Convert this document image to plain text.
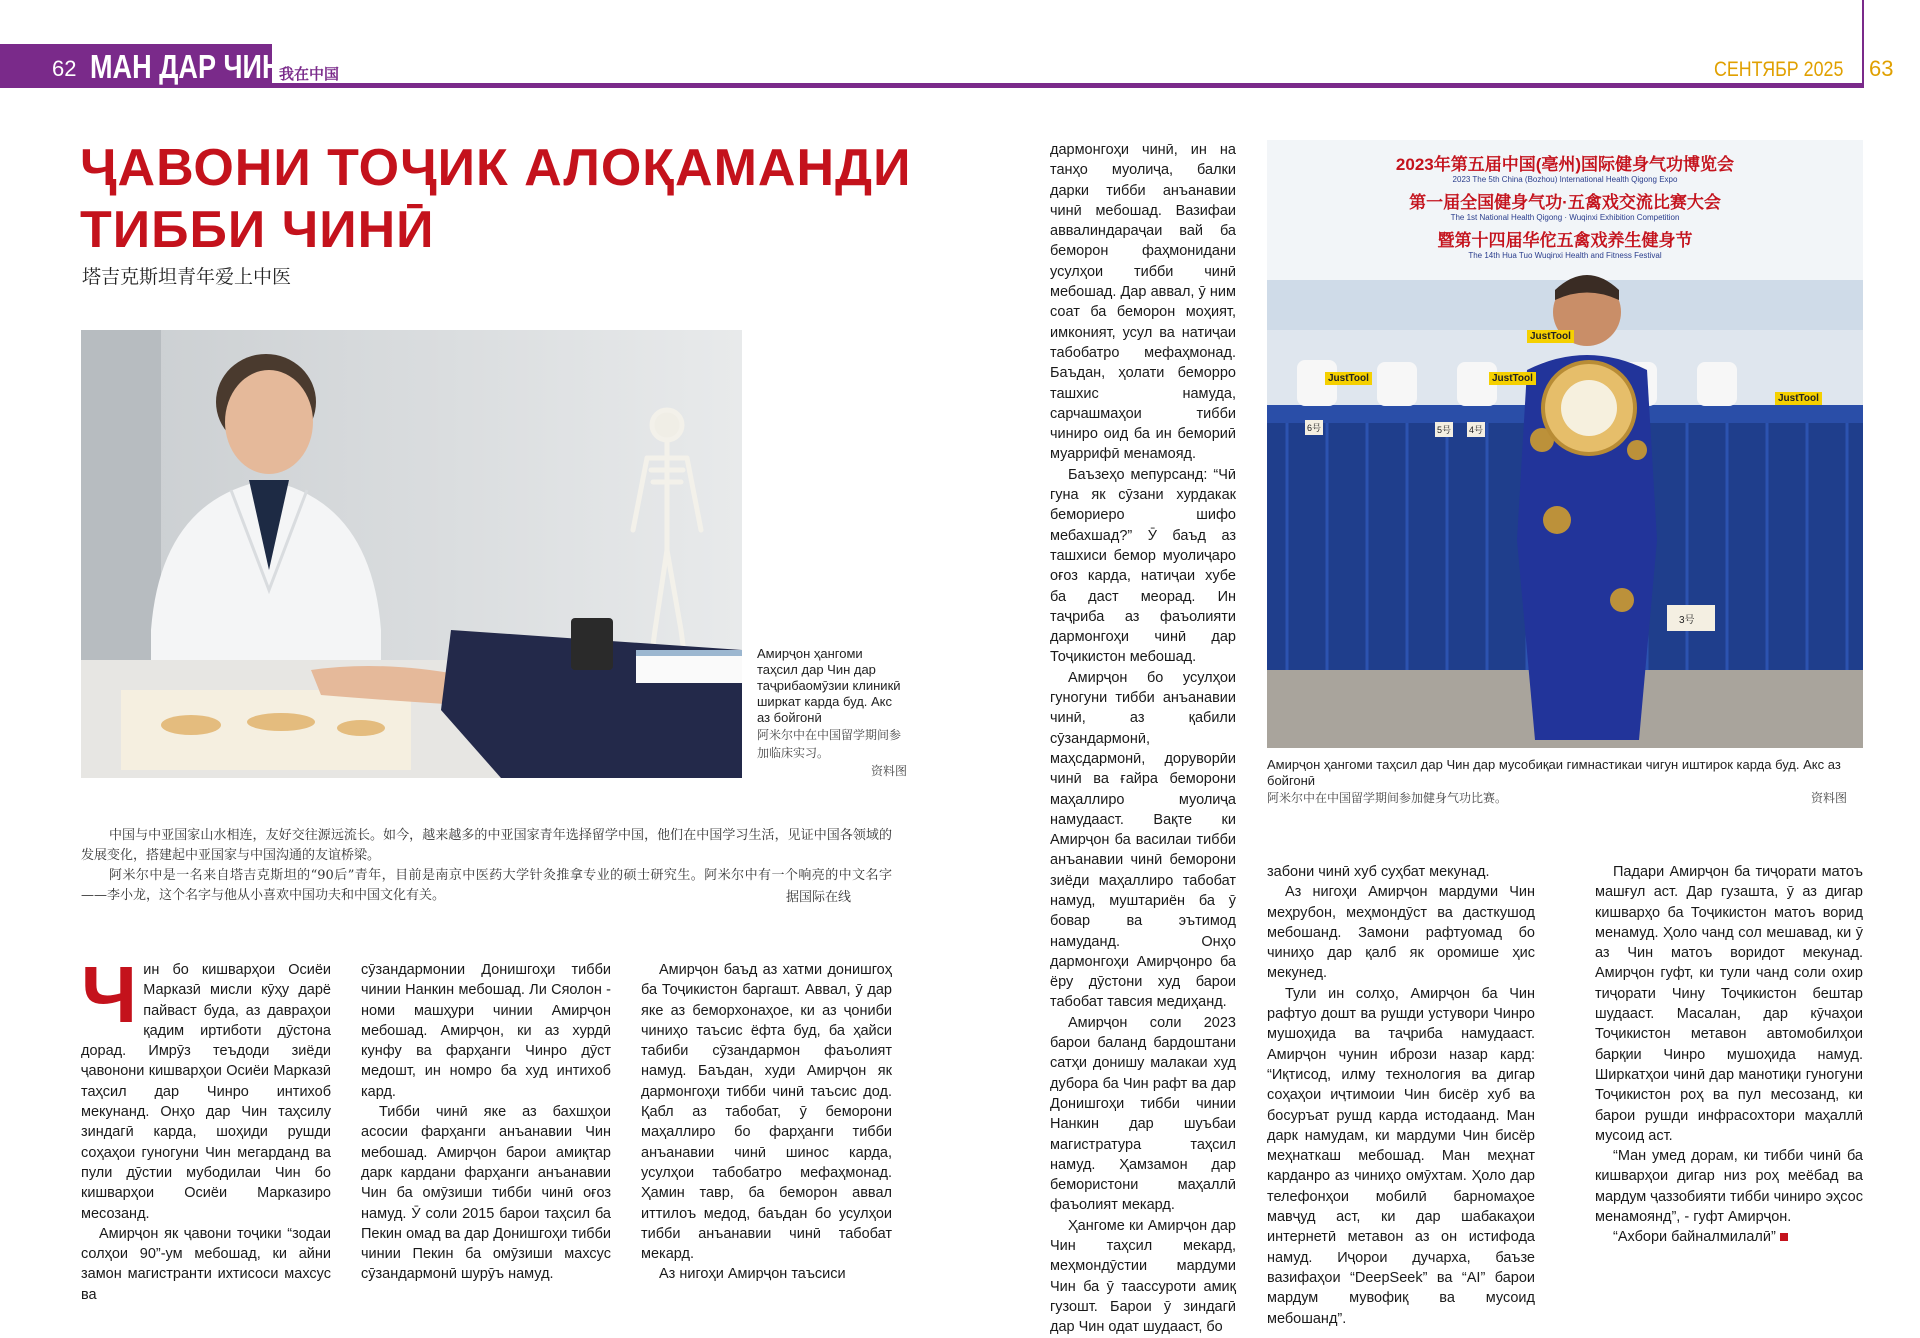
62 МАН ДАР ЧИН
我在中国	СЕНТЯБР 2025 63
ҶАВОНИ ТОҶИК АЛОҚАМАНДИ
ТИББИ ЧИНӢ
塔吉克斯坦青年爱上中医
Амирҷон ҳангоми таҳсил дар Чин дар таҷрибаомӯзии клиникӣ ширкат карда буд. Акс аз бойгонӣ
阿米尔中在中国留学期间参加临床实习。
资料图
2023年第五届中国(亳州)国际健身气功博览会
2023 The 5th China (Bozhou) International Health Qigong Expo
第一届全国健身气功·五禽戏交流比赛大会
The 1st National Health Qigong · Wuqinxi Exhibition Competition
暨第十四届华佗五禽戏养生健身节
The 14th Hua Tuo Wuqinxi Health and Fitness Festival
JustTool	JustTool
JustTool
JustTool
6号	5号 4号
3号
Амирҷон ҳангоми таҳсил дар Чин дар мусобиқаи гимнастикаи чигун иштирок карда буд. Акс аз бойгонӣ
阿米尔中在中国留学期间参加健身气功比赛。	资料图

中国与中亚国家山水相连，友好交往源远流长。如今，越来越多的中亚国家青年选择留学中国，他们在中国学习生活，见证中国各领域的发展变化，搭建起中亚国家与中国沟通的友谊桥梁。

阿米尔中是一名来自塔吉克斯坦的“90后”青年，目前是南京中医药大学针灸推拿专业的硕士研究生。阿米尔中有一个响亮的中文名字——李小龙，这个名字与他从小喜欢中国功夫和中国文化有关。	据国际在线
Ч ин бо кишварҳои Осиёи Марказӣ мисли кӯҳу дарё пайваст буда, аз давраҳои қадим иртиботи дӯстона дорад. Имрӯз теъдоди зиёди ҷавонони кишварҳои Осиёи Марказӣ таҳсил дар Чинро интихоб мекунанд. Онҳо дар Чин таҳсилу зиндагӣ карда, шоҳиди рушди соҳаҳои гуногуни Чин мегарданд ва пули дӯстии мубодилаи Чин бо кишварҳои Осиёи Марказиро месозанд.

Амирҷон як ҷавони тоҷики “зодаи солҳои 90”-ум мебошад, ки айни замон магистранти ихтисоси махсус ва

сӯзандармонии Донишгоҳи тибби чинии Нанкин мебошад. Ли Сяолон - номи машҳури чинии Амирҷон мебошад. Амирҷон, ки аз хурдӣ кунфу ва фарҳанги Чинро дӯст медошт, ин номро ба худ интихоб кард.

Тибби чинӣ яке аз бахшҳои асосии фарҳанги анъанавии Чин мебошад. Амирҷон барои амиқтар дарк кардани фарҳанги анъанавии Чин ба омӯзиши тибби чинӣ оғоз намуд. Ӯ соли 2015 барои таҳсил ба Пекин омад ва дар Донишгоҳи тибби чинии Пекин ба омӯзиши махсус сӯзандармонӣ шурӯъ намуд.

Амирҷон баъд аз хатми донишгоҳ ба Тоҷикистон баргашт. Аввал, ӯ дар яке аз беморхонаҳое, ки аз ҷониби чиниҳо таъсис ёфта буд, ба ҳайси табиби сӯзандармон фаъолият намуд. Баъдан, худи Амирҷон як дармонгоҳи тибби чинӣ таъсис дод. Қабл аз табобат, ӯ беморони маҳаллиро бо фарҳанги тибби анъанавии чинӣ шинос карда, усулҳои табобатро мефаҳмонад. Ҳамин тавр, ба беморон аввал иттилоъ медод, баъдан бо усулҳои тибби анъанавии чинӣ табобат мекард.

Аз нигоҳи Амирҷон таъсиси

дармонгоҳи чинӣ, ин на танҳо муолиҷа, балки дарки тибби анъанавии чинӣ мебошад. Вазифаи аввалиндараҷаи вай ба беморон фаҳмонидани усулҳои тибби чинӣ мебошад. Дар аввал, ӯ ним соат ба беморон моҳият, имконият, усул ва натиҷаи табобатро мефаҳмонад. Баъдан, ҳолати беморро ташхис намуда, сарчашмаҳои тибби чиниро оид ба ин бемориӣ муаррифӣ менамояд.

Баъзеҳо мепурсанд: “Чӣ гуна як сӯзани хурдакак бемориеро шифо мебахшад?” Ӯ баъд аз ташхиси бемор муолиҷаро оғоз карда, натиҷаи хубе ба даст меорад. Ин таҷриба аз фаъолияти дармонгоҳи чинӣ дар Тоҷикистон мебошад.

Амирҷон бо усулҳои гуногуни тибби анъанавии чинӣ, аз қабили сӯзандармонӣ, маҳсдармонӣ, доруворӣи чинӣ ва ғайра беморони маҳаллиро муолиҷа намудааст. Вақте ки Амирҷон ба василаи тибби анъанавии чинӣ беморони зиёди маҳаллиро табобат намуд, муштариён ба ӯ бовар ва эътимод намуданд. Онҳо дармонгоҳи Амирҷонро ба ёру дӯстони худ барои табобат тавсия медиҳанд.

Амирҷон соли 2023 барои баланд бардоштани сатҳи донишу малакаи худ дубора ба Чин рафт ва дар Донишгоҳи тибби чинии Нанкин дар шуъбаи магистратура таҳсил намуд. Ҳамзамон дар бемористони маҳаллӣ фаъолият мекард.

Ҳангоме ки Амирҷон дар Чин таҳсил мекард, меҳмондӯстии мардуми Чин ба ӯ таассуроти амиқ гузошт. Барои ӯ зиндагӣ дар Чин одат шудааст, бо

забони чинӣ хуб суҳбат мекунад.

Аз нигоҳи Амирҷон мардуми Чин меҳрубон, меҳмондӯст ва дасткушод мебошанд. Замони рафтуомад бо чиниҳо дар қалб як оромише ҳис мекунед.

Тули ин солҳо, Амирҷон ба Чин рафтуо дошт ва рушди устувори Чинро мушоҳида ва таҷриба намудааст. Амирҷон чунин ибрози назар кард: “Иқтисод, илму технология ва дигар соҳаҳои иҷтимоии Чин бисёр хуб ва босуръат рушд карда истодаанд. Ман дарк намудам, ки мардуми Чин бисёр меҳнаткаш мебошад. Ман меҳнат карданро аз чиниҳо омӯхтам. Ҳоло дар телефонҳои мобилӣ барномаҳое мавҷуд аст, ки дар шабакаҳои интернетӣ метавон аз он истифода намуд. Иҷорои дучарха, баъзе вазифаҳои “DeepSeek” ва “AI” барои мардум мувофиқ ва мусоид мебошанд”.

Падари Амирҷон ба тиҷорати матоъ машғул аст. Дар гузашта, ӯ аз дигар кишварҳо ба Тоҷикистон матоъ ворид менамуд. Ҳоло чанд сол мешавад, ки ӯ аз Чин матоъ воридот мекунад. Амирҷон гуфт, ки тули чанд соли охир тиҷорати Чину Тоҷикистон бештар шудааст. Масалан, дар кӯчаҳои Тоҷикистон метавон автомобилҳои барқии Чинро мушоҳида намуд. Ширкатҳои чинӣ дар манотиқи гуногуни Тоҷикистон роҳ ва пул месозанд, ки барои рушди инфрасохтори маҳаллӣ мусоид аст.

“Ман умед дорам, ки тибби чинӣ ба кишварҳои дигар низ роҳ меёбад ва мардум ҷаззобияти тибби чиниро эҳсос менамоянд”, - гуфт Амирҷон.

“Ахбори байналмилалӣ”
